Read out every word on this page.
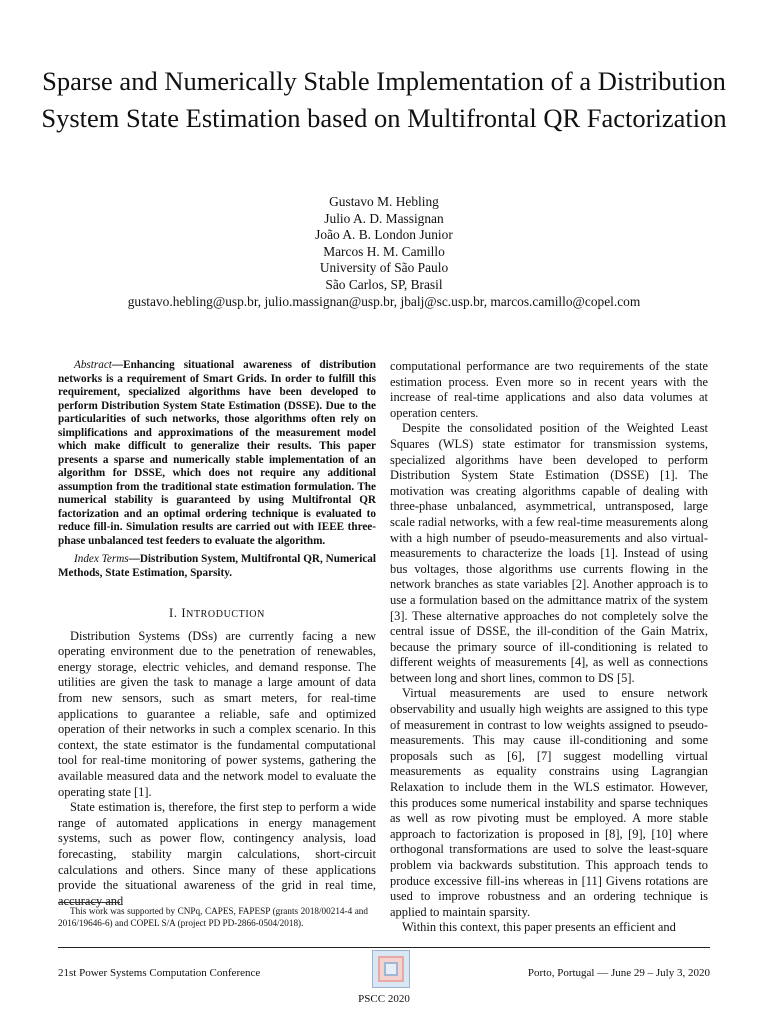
Sparse and Numerically Stable Implementation of a Distribution System State Estimation based on Multifrontal QR Factorization
Gustavo M. Hebling
Julio A. D. Massignan
João A. B. London Junior
Marcos H. M. Camillo
University of São Paulo
São Carlos, SP, Brasil
gustavo.hebling@usp.br, julio.massignan@usp.br, jbalj@sc.usp.br, marcos.camillo@copel.com

Abstract—Enhancing situational awareness of distribution networks is a requirement of Smart Grids. In order to fulfill this requirement, specialized algorithms have been developed to perform Distribution System State Estimation (DSSE). Due to the particularities of such networks, those algorithms often rely on simplifications and approximations of the measurement model which make difficult to generalize their results. This paper presents a sparse and numerically stable implementation of an algorithm for DSSE, which does not require any additional assumption from the traditional state estimation formulation. The numerical stability is guaranteed by using Multifrontal QR factorization and an optimal ordering technique is evaluated to reduce fill-in. Simulation results are carried out with IEEE three-phase unbalanced test feeders to evaluate the algorithm.

Index Terms—Distribution System, Multifrontal QR, Numerical Methods, State Estimation, Sparsity.

I. INTRODUCTION

Distribution Systems (DSs) are currently facing a new operating environment due to the penetration of renewables, energy storage, electric vehicles, and demand response. The utilities are given the task to manage a large amount of data from new sensors, such as smart meters, for real-time applications to guarantee a reliable, safe and optimized operation of their networks in such a complex scenario. In this context, the state estimator is the fundamental computational tool for real-time monitoring of power systems, gathering the available measured data and the network model to evaluate the operating state [1].

State estimation is, therefore, the first step to perform a wide range of automated applications in energy management systems, such as power flow, contingency analysis, load forecasting, stability margin calculations, short-circuit calculations and others. Since many of these applications provide the situational awareness of the grid in real time, accuracy and

computational performance are two requirements of the state estimation process. Even more so in recent years with the increase of real-time applications and also data volumes at operation centers.

Despite the consolidated position of the Weighted Least Squares (WLS) state estimator for transmission systems, specialized algorithms have been developed to perform Distribution System State Estimation (DSSE) [1]. The motivation was creating algorithms capable of dealing with three-phase unbalanced, asymmetrical, untransposed, large scale radial networks, with a few real-time measurements along with a high number of pseudo-measurements and also virtual-measurements to characterize the loads [1]. Instead of using bus voltages, those algorithms use currents flowing in the network branches as state variables [2]. Another approach is to use a formulation based on the admittance matrix of the system [3]. These alternative approaches do not completely solve the central issue of DSSE, the ill-condition of the Gain Matrix, because the primary source of ill-conditioning is related to different weights of measurements [4], as well as connections between long and short lines, common to DS [5].

Virtual measurements are used to ensure network observability and usually high weights are assigned to this type of measurement in contrast to low weights assigned to pseudo-measurements. This may cause ill-conditioning and some proposals such as [6], [7] suggest modelling virtual measurements as equality constrains using Lagrangian Relaxation to include them in the WLS estimator. However, this produces some numerical instability and sparse techniques as well as row pivoting must be employed. A more stable approach to factorization is proposed in [8], [9], [10] where orthogonal transformations are used to solve the least-square problem via backwards substitution. This approach tends to produce excessive fill-ins whereas in [11] Givens rotations are used to improve robustness and an ordering technique is applied to maintain sparsity.

Within this context, this paper presents an efficient and

This work was supported by CNPq, CAPES, FAPESP (grants 2018/00214-4 and 2016/19646-6) and COPEL S/A (project PD PD-2866-0504/2018).
21st Power Systems Computation Conference
PSCC 2020
Porto, Portugal — June 29 – July 3, 2020
